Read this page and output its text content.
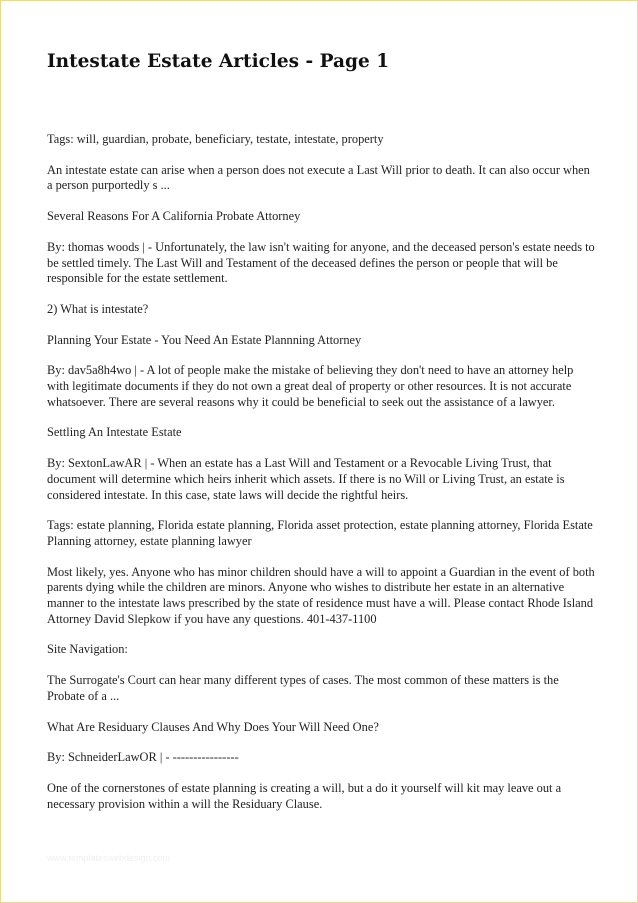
Intestate Estate Articles - Page 1

Tags: will, guardian, probate, beneficiary, testate, intestate, property

An intestate estate can arise when a person does not execute a Last Will prior to death. It can also occur when a person purportedly s ...

Several Reasons For A California Probate Attorney

By: thomas woods | - Unfortunately, the law isn't waiting for anyone, and the deceased person's estate needs to be settled timely. The Last Will and Testament of the deceased defines the person or people that will be responsible for the estate settlement.

2) What is intestate?

Planning Your Estate - You Need An Estate Plannning Attorney

By: dav5a8h4wo | - A lot of people make the mistake of believing they don't need to have an attorney help with legitimate documents if they do not own a great deal of property or other resources. It is not accurate whatsoever. There are several reasons why it could be beneficial to seek out the assistance of a lawyer.

Settling An Intestate Estate

By: SextonLawAR | - When an estate has a Last Will and Testament or a Revocable Living Trust, that document will determine which heirs inherit which assets. If there is no Will or Living Trust, an estate is considered intestate. In this case, state laws will decide the rightful heirs.

Tags: estate planning, Florida estate planning, Florida asset protection, estate planning attorney, Florida Estate Planning attorney, estate planning lawyer

Most likely, yes. Anyone who has minor children should have a will to appoint a Guardian in the event of both parents dying while the children are minors. Anyone who wishes to distribute her estate in an alternative manner to the intestate laws prescribed by the state of residence must have a will. Please contact Rhode Island Attorney David Slepkow if you have any questions. 401-437-1100

Site Navigation:

The Surrogate's Court can hear many different types of cases. The most common of these matters is the Probate of a ...

What Are Residuary Clauses And Why Does Your Will Need One?

By: SchneiderLawOR | - ----------------

One of the cornerstones of estate planning is creating a will, but a do it yourself will kit may leave out a necessary provision within a will the Residuary Clause.

www.templateswebdesign.com
